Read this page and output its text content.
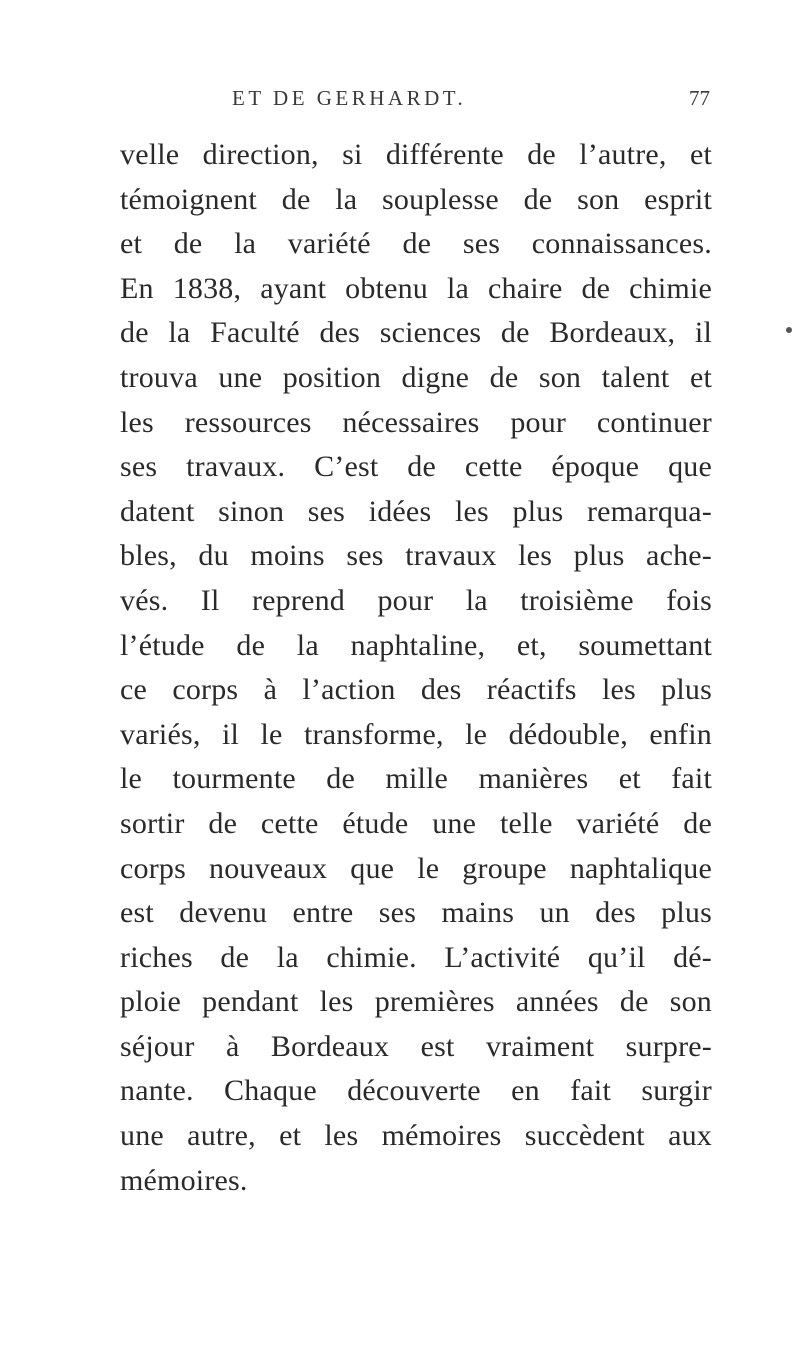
ET DE GERHARDT.	77
velle direction, si différente de l’autre, et
témoignent de la souplesse de son esprit
et de la variété de ses connaissances.
En 1838, ayant obtenu la chaire de chimie
de la Faculté des sciences de Bordeaux, il
trouva une position digne de son talent et
les ressources nécessaires pour continuer
ses travaux. C’est de cette époque que
datent sinon ses idées les plus remarqua-
bles, du moins ses travaux les plus ache-
vés. Il reprend pour la troisième fois
l’étude de la naphtaline, et, soumettant
ce corps à l’action des réactifs les plus
variés, il le transforme, le dédouble, enfin
le tourmente de mille manières et fait
sortir de cette étude une telle variété de
corps nouveaux que le groupe naphtalique
est devenu entre ses mains un des plus
riches de la chimie. L’activité qu’il dé-
ploie pendant les premières années de son
séjour à Bordeaux est vraiment surpre-
nante. Chaque découverte en fait surgir
une autre, et les mémoires succèdent aux
mémoires.
